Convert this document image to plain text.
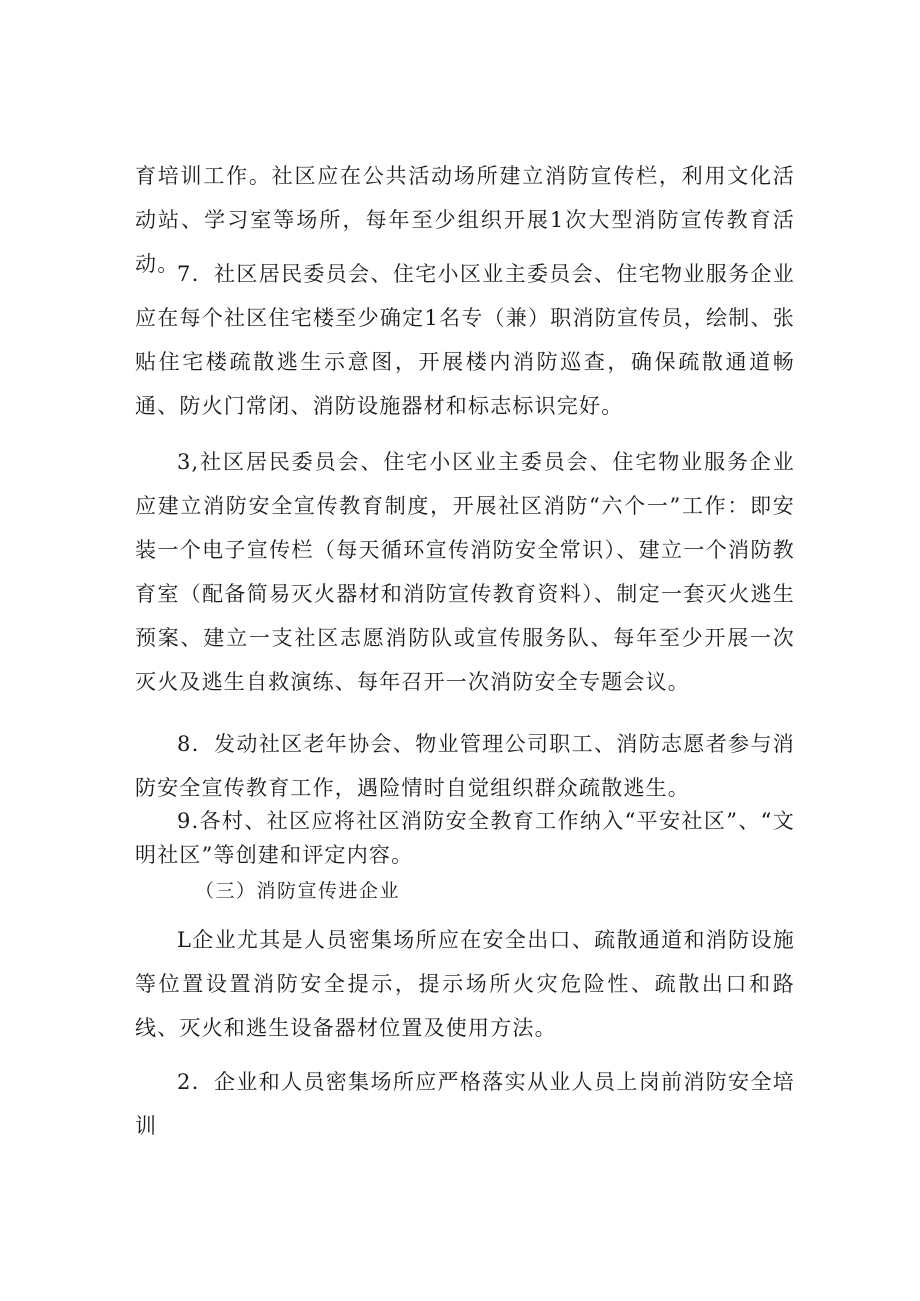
育培训工作。社区应在公共活动场所建立消防宣传栏，利用文化活动站、学习室等场所，每年至少组织开展1次大型消防宣传教育活动。

7．社区居民委员会、住宅小区业主委员会、住宅物业服务企业应在每个社区住宅楼至少确定1名专（兼）职消防宣传员，绘制、张贴住宅楼疏散逃生示意图，开展楼内消防巡查，确保疏散通道畅通、防火门常闭、消防设施器材和标志标识完好。

3,社区居民委员会、住宅小区业主委员会、住宅物业服务企业应建立消防安全宣传教育制度，开展社区消防“六个一”工作：即安装一个电子宣传栏（每天循环宣传消防安全常识）、建立一个消防教育室（配备简易灭火器材和消防宣传教育资料）、制定一套灭火逃生预案、建立一支社区志愿消防队或宣传服务队、每年至少开展一次灭火及逃生自救演练、每年召开一次消防安全专题会议。

8．发动社区老年协会、物业管理公司职工、消防志愿者参与消防安全宣传教育工作，遇险情时自觉组织群众疏散逃生。

9.各村、社区应将社区消防安全教育工作纳入“平安社区”、“文明社区”等创建和评定内容。

（三）消防宣传进企业

L企业尤其是人员密集场所应在安全出口、疏散通道和消防设施等位置设置消防安全提示，提示场所火灾危险性、疏散出口和路线、灭火和逃生设备器材位置及使用方法。

2．企业和人员密集场所应严格落实从业人员上岗前消防安全培训
